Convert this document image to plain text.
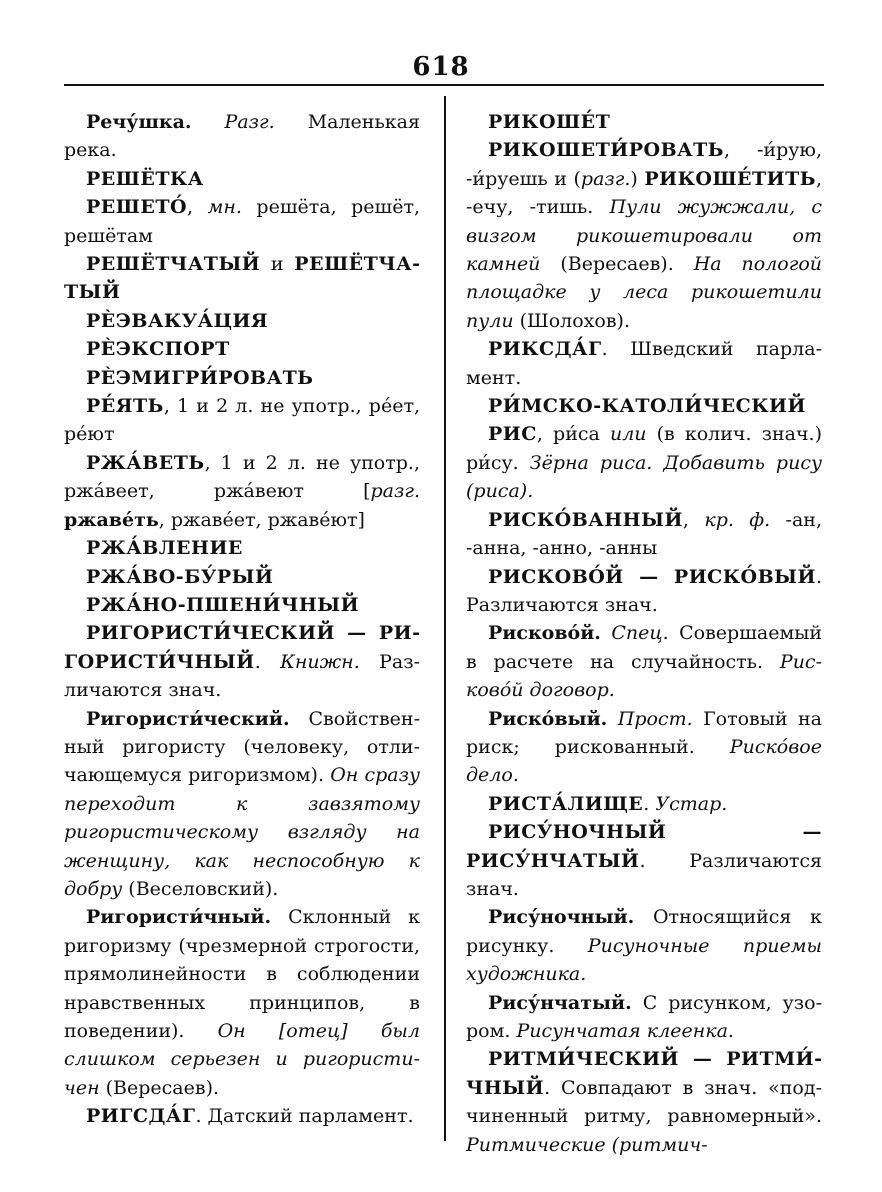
618

Речу́шка. Разг. Маленькая река.

РЕШЁТКА

РЕШЕТО́, мн. решёта, решёт, решётам

РЕШЁТЧАТЫЙ и РЕШЁТЧАТЫЙ

РЀЭВАКУА́ЦИЯ

РЀЭКСПОРТ

РЀЭМИГРИ́РОВАТЬ

РЕ́ЯТЬ, 1 и 2 л. не употр., ре́ет, ре́ют

РЖА́ВЕТЬ, 1 и 2 л. не употр., ржа́веет, ржа́веют [разг. ржаве́ть, ржаве́ет, ржаве́ют]

РЖА́ВЛЕНИЕ

РЖА́ВО-БУ́РЫЙ

РЖА́НО-ПШЕНИ́ЧНЫЙ

РИГОРИСТИ́ЧЕСКИЙ — РИГОРИСТИ́ЧНЫЙ. Книжн. Различаются знач.

Ригористи́ческий. Свойственный ригористу (человеку, отличающемуся ригоризмом). Он сразу переходит к завзятому ригористическому взгляду на женщину, как неспособную к добру (Веселовский).

Ригористи́чный. Склонный к ригоризму (чрезмерной строгости, прямолинейности в соблюдении нравственных принципов, в поведении). Он [отец] был слишком серьезен и ригористичен (Вересаев).

РИГСДА́Г. Датский парламент.

РИКОШЕ́Т

РИКОШЕТИ́РОВАТЬ, -и́рую, -и́руешь и (разг.) РИКОШЕ́ТИТЬ, -ечу, -тишь. Пули жужжали, с визгом рикошетировали от камней (Вересаев). На пологой площадке у леса рикошетили пули (Шолохов).

РИКСДА́Г. Шведский парламент.

РИ́МСКО-КАТОЛИ́ЧЕСКИЙ

РИС, ри́са или (в колич. знач.) ри́су. Зёрна риса. Добавить рису (риса).

РИСКО́ВАННЫЙ, кр. ф. -ан, -анна, -анно, -анны

РИСКОВО́Й — РИСКО́ВЫЙ. Различаются знач.

Рисково́й. Спец. Совершаемый в расчете на случайность. Рисково́й договор.

Риско́вый. Прост. Готовый на риск; рискованный. Риско́вое дело.

РИСТА́ЛИЩЕ. Устар.

РИСУ́НОЧНЫЙ — РИСУ́НЧАТЫЙ. Различаются знач.

Рису́ночный. Относящийся к рисунку. Рисуночные приемы художника.

Рису́нчатый. С рисунком, узором. Рисунчатая клеенка.

РИТМИ́ЧЕСКИЙ — РИТМИ́ЧНЫЙ. Совпадают в знач. «подчиненный ритму, равномерный». Ритмические (ритмич-
